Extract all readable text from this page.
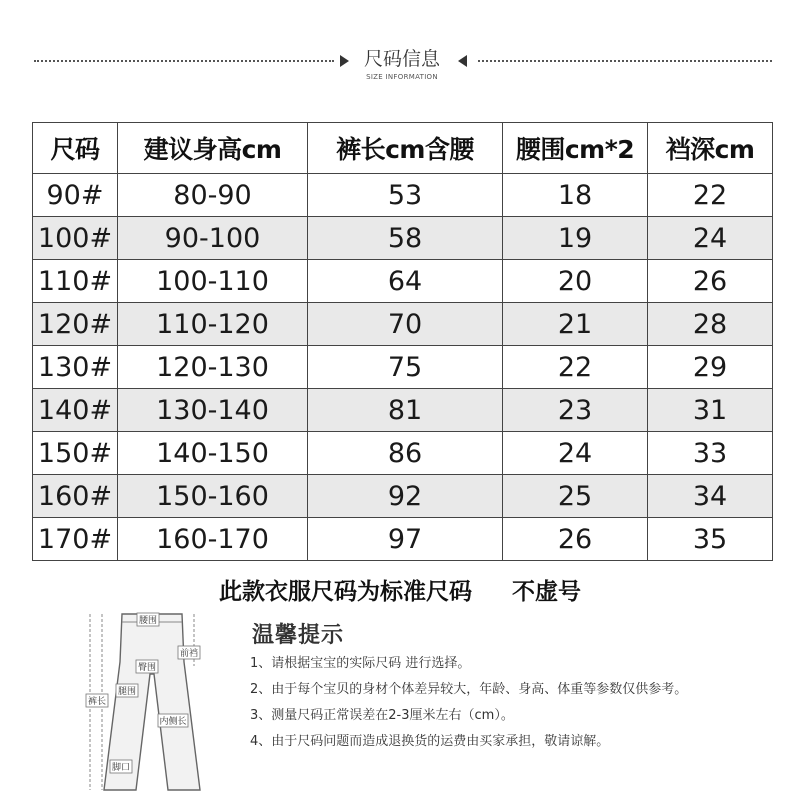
尺码信息
SIZE INFORMATION
尺码	建议身高cm	裤长cm含腰	腰围cm*2	裆深cm
90#	80-90	53	18	22
100#	90-100	58	19	24
110#	100-110	64	20	26
120#	110-120	70	21	28
130#	120-130	75	22	29
140#	130-140	81	23	31
150#	140-150	86	24	33
160#	150-160	92	25	34
170#	160-170	97	26	35
此款衣服尺码为标准尺码 不虚号
腰围
前裆
臀围
裤长
腿围
内侧长
脚口
温馨提示
1、请根据宝宝的实际尺码 进行选择。
2、由于每个宝贝的身材个体差异较大，年龄、身高、体重等参数仅供参考。
3、测量尺码正常误差在2-3厘米左右（cm）。
4、由于尺码问题而造成退换货的运费由买家承担，敬请谅解。
